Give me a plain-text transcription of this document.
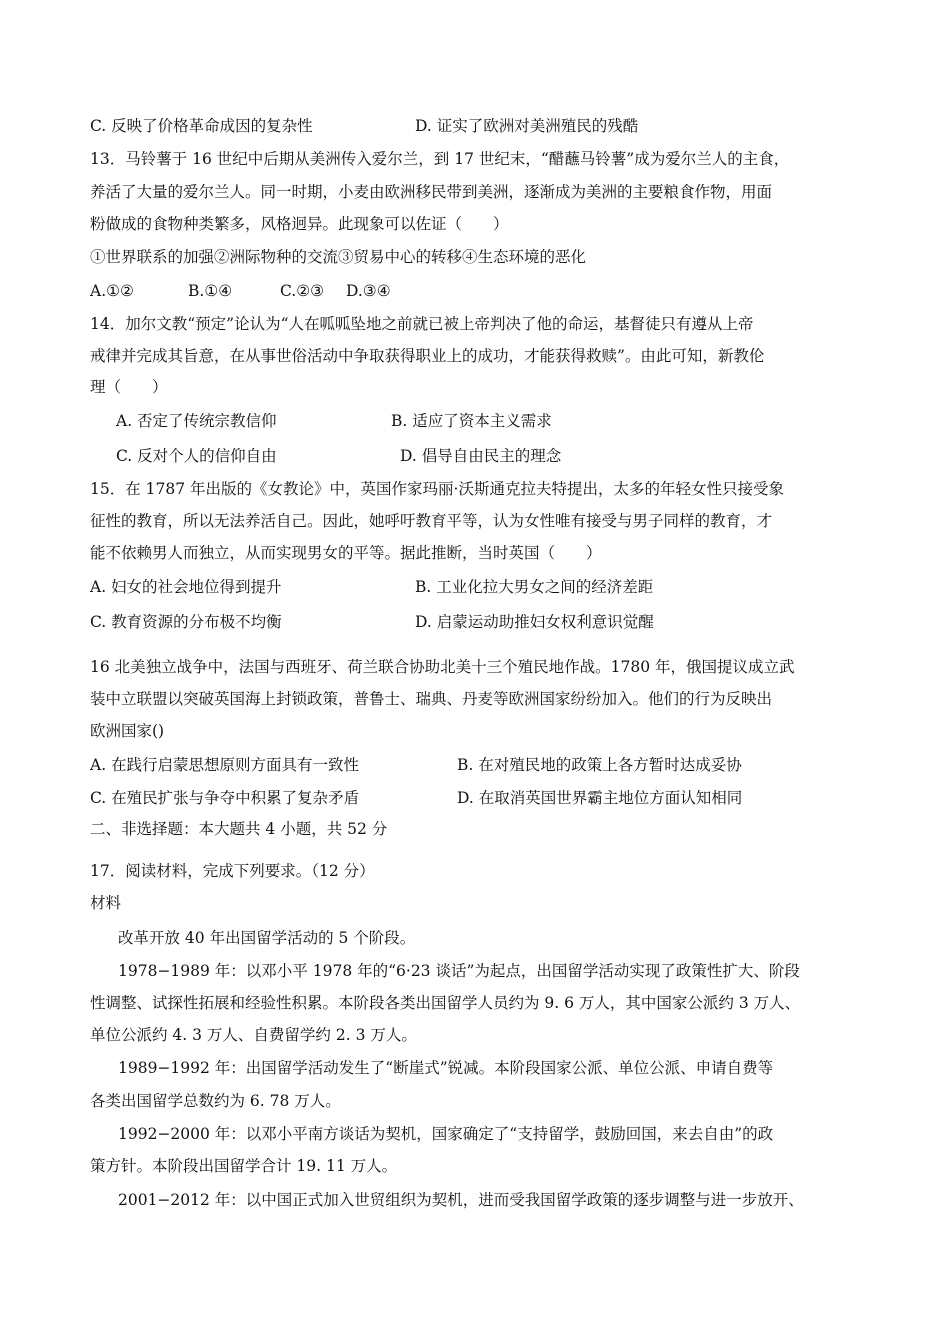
C. 反映了价格革命成因的复杂性	D. 证实了欧洲对美洲殖民的残酷
13．马铃薯于 16 世纪中后期从美洲传入爱尔兰，到 17 世纪末，“醋蘸马铃薯”成为爱尔兰人的主食，
养活了大量的爱尔兰人。同一时期，小麦由欧洲移民带到美洲，逐渐成为美洲的主要粮食作物，用面
粉做成的食物种类繁多，风格迥异。此现象可以佐证（　　）
①世界联系的加强②洲际物种的交流③贸易中心的转移④生态环境的恶化
A.①②	B.①④	C.②③ D.③④
14．加尔文教“预定”论认为“人在呱呱坠地之前就已被上帝判决了他的命运，基督徒只有遵从上帝
戒律并完成其旨意，在从事世俗活动中争取获得职业上的成功，才能获得救赎”。由此可知，新教伦
理（　　）
A. 否定了传统宗教信仰	B. 适应了资本主义需求
C. 反对个人的信仰自由	D. 倡导自由民主的理念
15．在 1787 年出版的《女教论》中，英国作家玛丽·沃斯通克拉夫特提出，太多的年轻女性只接受象
征性的教育，所以无法养活自己。因此，她呼吁教育平等，认为女性唯有接受与男子同样的教育，才
能不依赖男人而独立，从而实现男女的平等。据此推断，当时英国（　　）
A. 妇女的社会地位得到提升	B. 工业化拉大男女之间的经济差距
C. 教育资源的分布极不均衡	D. 启蒙运动助推妇女权利意识觉醒
16 北美独立战争中，法国与西班牙、荷兰联合协助北美十三个殖民地作战。1780 年，俄国提议成立武
装中立联盟以突破英国海上封锁政策，普鲁士、瑞典、丹麦等欧洲国家纷纷加入。他们的行为反映出
欧洲国家()
A. 在践行启蒙思想原则方面具有一致性	B. 在对殖民地的政策上各方暂时达成妥协
C. 在殖民扩张与争夺中积累了复杂矛盾	D. 在取消英国世界霸主地位方面认知相同
二、非选择题：本大题共 4 小题，共 52 分
17．阅读材料，完成下列要求。（12 分）
材料
改革开放 40 年出国留学活动的 5 个阶段。
1978−1989 年：以邓小平 1978 年的“6·23 谈话”为起点，出国留学活动实现了政策性扩大、阶段
性调整、试探性拓展和经验性积累。本阶段各类出国留学人员约为 9. 6 万人，其中国家公派约 3 万人、
单位公派约 4. 3 万人、自费留学约 2. 3 万人。
1989−1992 年：出国留学活动发生了“断崖式”锐减。本阶段国家公派、单位公派、申请自费等
各类出国留学总数约为 6. 78 万人。
1992−2000 年：以邓小平南方谈话为契机，国家确定了“支持留学，鼓励回国，来去自由”的政
策方针。本阶段出国留学合计 19. 11 万人。
2001−2012 年：以中国正式加入世贸组织为契机，进而受我国留学政策的逐步调整与进一步放开、
